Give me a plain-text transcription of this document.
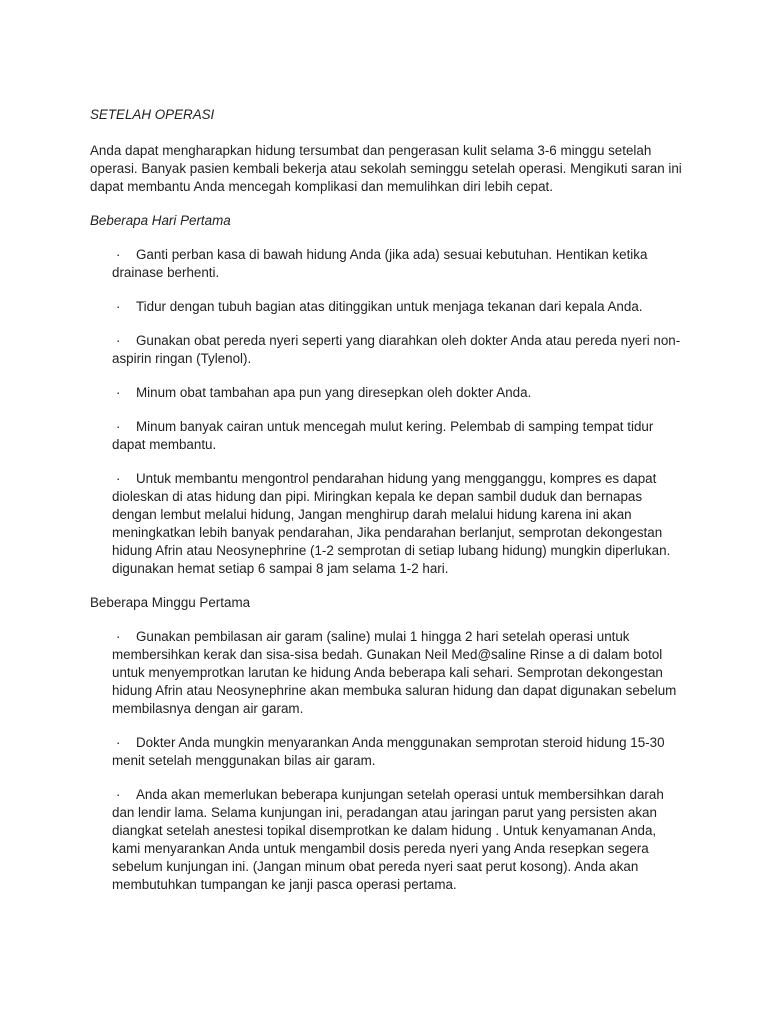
SETELAH OPERASI

Anda dapat mengharapkan hidung tersumbat dan pengerasan kulit selama 3-6 minggu setelah operasi. Banyak pasien kembali bekerja atau sekolah seminggu setelah operasi. Mengikuti saran ini dapat membantu Anda mencegah komplikasi dan memulihkan diri lebih cepat.

Beberapa Hari Pertama

· Ganti perban kasa di bawah hidung Anda (jika ada) sesuai kebutuhan. Hentikan ketika drainase berhenti.
· Tidur dengan tubuh bagian atas ditinggikan untuk menjaga tekanan dari kepala Anda.
· Gunakan obat pereda nyeri seperti yang diarahkan oleh dokter Anda atau pereda nyeri non-aspirin ringan (Tylenol).
· Minum obat tambahan apa pun yang diresepkan oleh dokter Anda.
· Minum banyak cairan untuk mencegah mulut kering. Pelembab di samping tempat tidur dapat membantu.
· Untuk membantu mengontrol pendarahan hidung yang mengganggu, kompres es dapat dioleskan di atas hidung dan pipi. Miringkan kepala ke depan sambil duduk dan bernapas dengan lembut melalui hidung, Jangan menghirup darah melalui hidung karena ini akan meningkatkan lebih banyak pendarahan, Jika pendarahan berlanjut, semprotan dekongestan hidung Afrin atau Neosynephrine (1-2 semprotan di setiap lubang hidung) mungkin diperlukan. digunakan hemat setiap 6 sampai 8 jam selama 1-2 hari.

Beberapa Minggu Pertama

· Gunakan pembilasan air garam (saline) mulai 1 hingga 2 hari setelah operasi untuk membersihkan kerak dan sisa-sisa bedah. Gunakan Neil Med@saline Rinse a di dalam botol untuk menyemprotkan larutan ke hidung Anda beberapa kali sehari. Semprotan dekongestan hidung Afrin atau Neosynephrine akan membuka saluran hidung dan dapat digunakan sebelum membilasnya dengan air garam.
· Dokter Anda mungkin menyarankan Anda menggunakan semprotan steroid hidung 15-30 menit setelah menggunakan bilas air garam.
· Anda akan memerlukan beberapa kunjungan setelah operasi untuk membersihkan darah dan lendir lama. Selama kunjungan ini, peradangan atau jaringan parut yang persisten akan diangkat setelah anestesi topikal disemprotkan ke dalam hidung . Untuk kenyamanan Anda, kami menyarankan Anda untuk mengambil dosis pereda nyeri yang Anda resepkan segera sebelum kunjungan ini. (Jangan minum obat pereda nyeri saat perut kosong). Anda akan membutuhkan tumpangan ke janji pasca operasi pertama.
